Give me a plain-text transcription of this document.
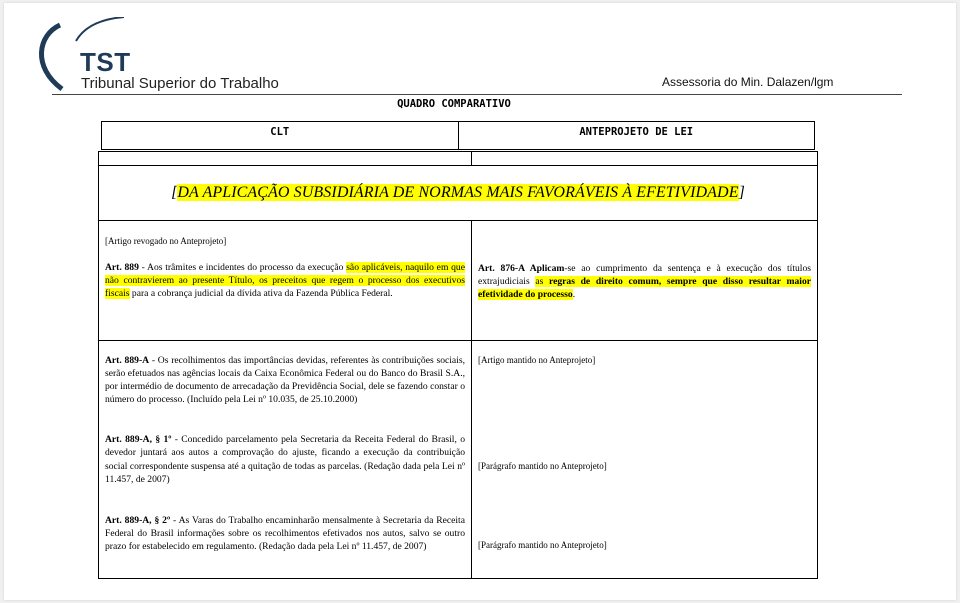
TST
Tribunal Superior do Trabalho	Assessoria do Min. Dalazen/lgm
QUADRO COMPARATIVO
CLT	ANTEPROJETO DE LEI
[DA APLICAÇÃO SUBSIDIÁRIA DE NORMAS MAIS FAVORÁVEIS À EFETIVIDADE]

[Artigo revogado no Anteprojeto]

Art. 889 - Aos trâmites e incidentes do processo da execução são aplicáveis, naquilo em que não contravierem ao presente Título, os preceitos que regem o processo dos executivos fiscais para a cobrança judicial da dívida ativa da Fazenda Pública Federal.

Art. 876-A Aplicam-se ao cumprimento da sentença e à execução dos títulos extrajudiciais as regras de direito comum, sempre que disso resultar maior efetividade do processo.

Art. 889-A - Os recolhimentos das importâncias devidas, referentes às contribuições sociais, serão efetuados nas agências locais da Caixa Econômica Federal ou do Banco do Brasil S.A., por intermédio de documento de arrecadação da Previdência Social, dele se fazendo constar o número do processo. (Incluído pela Lei nº 10.035, de 25.10.2000)

Art. 889-A, § 1º - Concedido parcelamento pela Secretaria da Receita Federal do Brasil, o devedor juntará aos autos a comprovação do ajuste, ficando a execução da contribuição social correspondente suspensa até a quitação de todas as parcelas. (Redação dada pela Lei nº 11.457, de 2007)

Art. 889-A, § 2º - As Varas do Trabalho encaminharão mensalmente à Secretaria da Receita Federal do Brasil informações sobre os recolhimentos efetivados nos autos, salvo se outro prazo for estabelecido em regulamento. (Redação dada pela Lei nº 11.457, de 2007)

[Artigo mantido no Anteprojeto]

[Parágrafo mantido no Anteprojeto]

[Parágrafo mantido no Anteprojeto]
